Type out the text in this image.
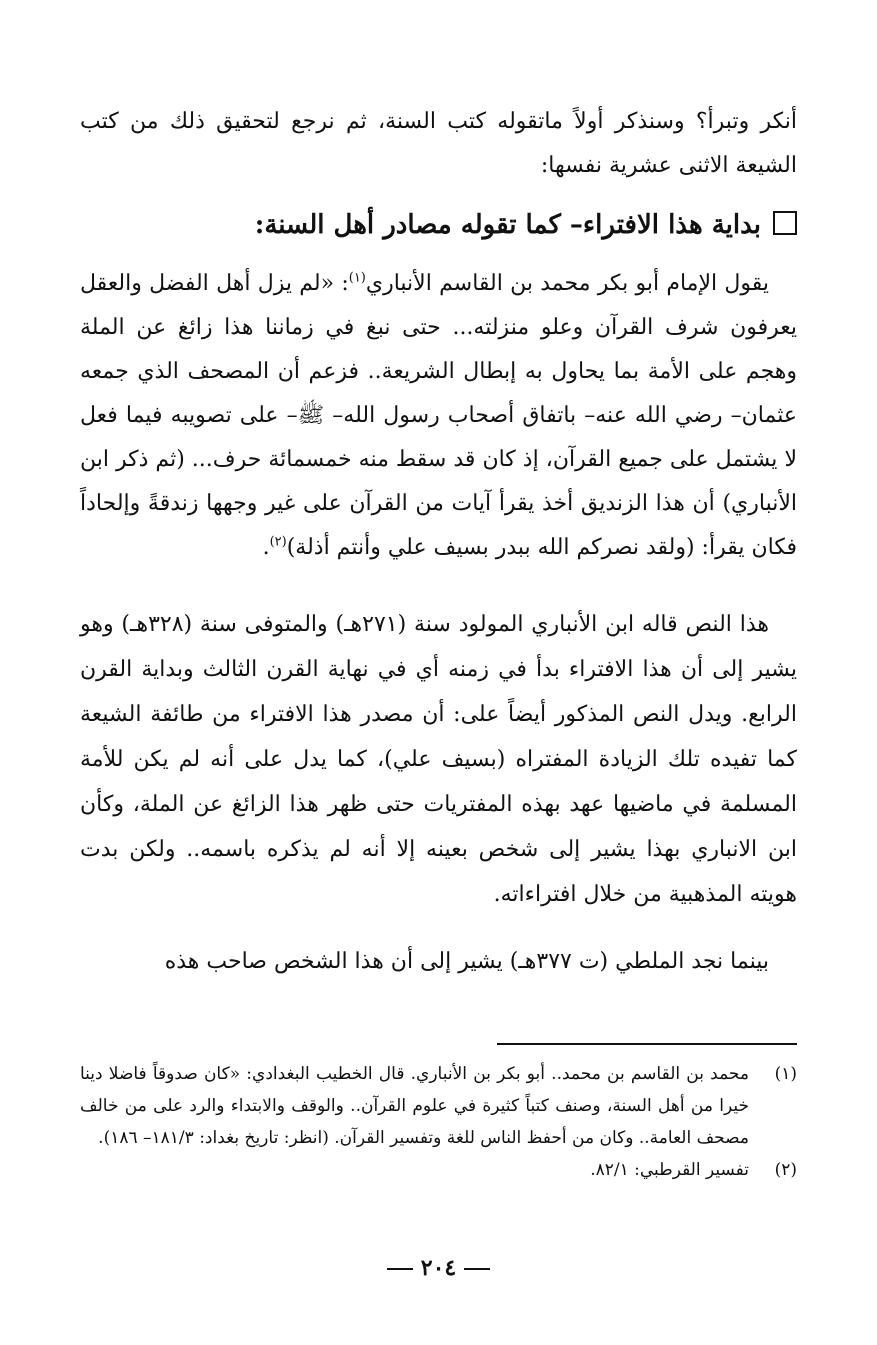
أنكر وتبرأ؟ وسنذكر أولاً ماتقوله كتب السنة، ثم نرجع لتحقيق ذلك من كتب الشيعة الاثنى عشرية نفسها:

بداية هذا الافتراء– كما تقوله مصادر أهل السنة:

يقول الإمام أبو بكر محمد بن القاسم الأنباري$^{(١)}$: «لم يزل أهل الفضل والعقل يعرفون شرف القرآن وعلو منزلته... حتى نبغ في زماننا هذا زائغ عن الملة وهجم على الأمة بما يحاول به إبطال الشريعة.. فزعم أن المصحف الذي جمعه عثمان– رضي الله عنه– باتفاق أصحاب رسول الله– ﷺ– على تصويبه فيما فعل لا يشتمل على جميع القرآن، إذ كان قد سقط منه خمسمائة حرف... (ثم ذكر ابن الأنباري) أن هذا الزنديق أخذ يقرأ آيات من القرآن على غير وجهها زندقةً وإلحاداً فكان يقرأ: (ولقد نصركم الله ببدر بسيف علي وأنتم أذلة)$^{(٢)}$.

هذا النص قاله ابن الأنباري المولود سنة (٢٧١هـ) والمتوفى سنة (٣٢٨هـ) وهو يشير إلى أن هذا الافتراء بدأ في زمنه أي في نهاية القرن الثالث وبداية القرن الرابع. ويدل النص المذكور أيضاً على: أن مصدر هذا الافتراء من طائفة الشيعة كما تفيده تلك الزيادة المفتراه (بسيف علي)، كما يدل على أنه لم يكن للأمة المسلمة في ماضيها عهد بهذه المفتريات حتى ظهر هذا الزائغ عن الملة، وكأن ابن الانباري بهذا يشير إلى شخص بعينه إلا أنه لم يذكره باسمه.. ولكن بدت هويته المذهبية من خلال افتراءاته.

بينما نجد الملطي (ت ٣٧٧هـ) يشير إلى أن هذا الشخص صاحب هذه

(١)
محمد بن القاسم بن محمد.. أبو بكر بن الأنباري. قال الخطيب البغدادي: «كان صدوقاً فاضلا دينا خيرا من أهل السنة، وصنف كتباً كثيرة في علوم القرآن.. والوقف والابتداء والرد على من خالف مصحف العامة.. وكان من أحفظ الناس للغة وتفسير القرآن. (انظر: تاريخ بغداد: ١٨١/٣– ١٨٦).
(٢)
تفسير القرطبي: ٨٢/١.
٢٠٤
